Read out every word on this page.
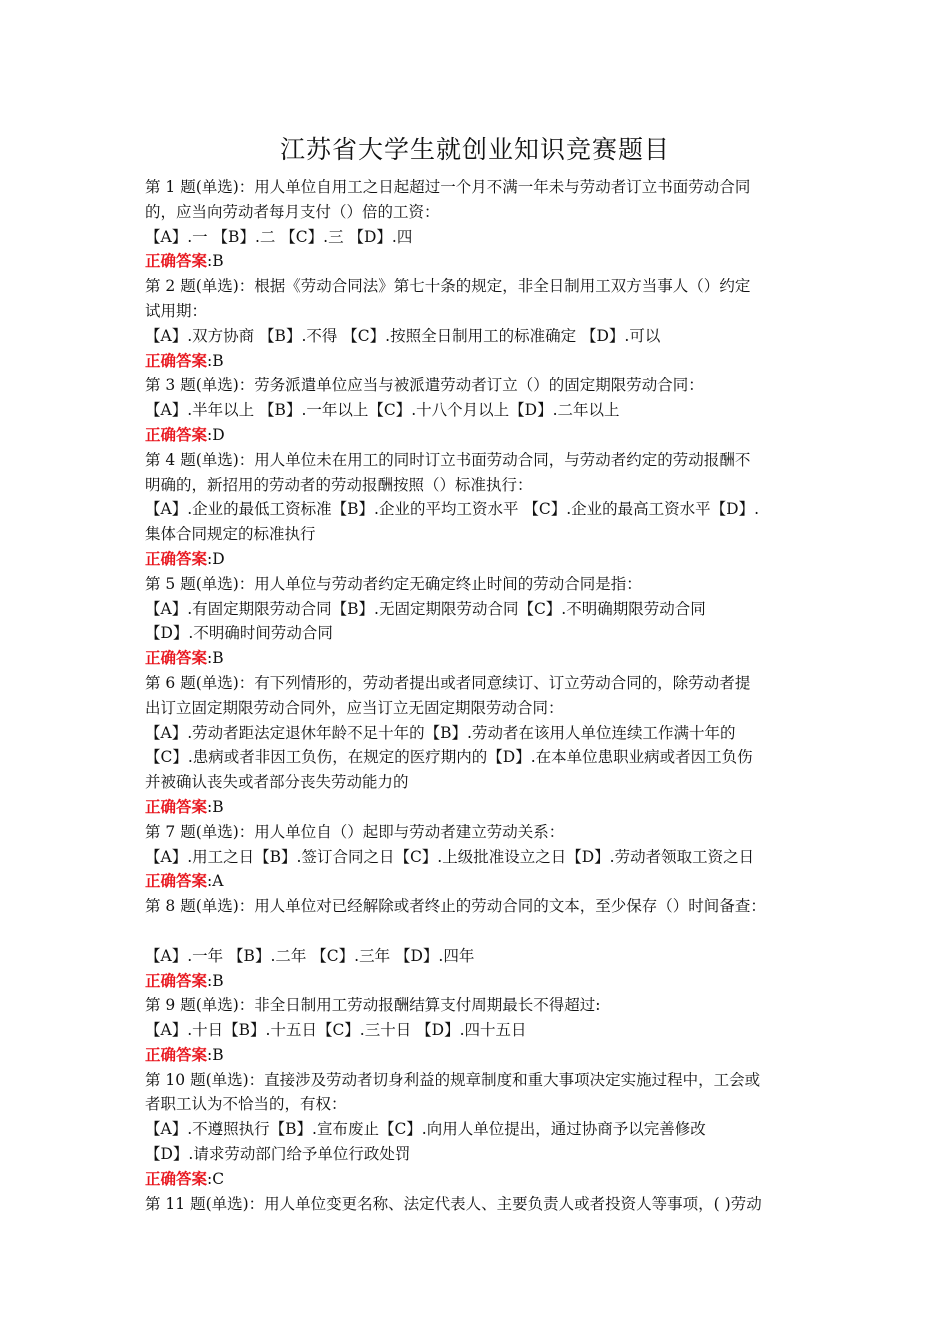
江苏省大学生就创业知识竞赛题目

第 1 题(单选)：用人单位自用工之日起超过一个月不满一年未与劳动者订立书面劳动合同

的，应当向劳动者每月支付（）倍的工资：

【A】.一 【B】.二 【C】.三 【D】.四

正确答案:B

第 2 题(单选)：根据《劳动合同法》第七十条的规定，非全日制用工双方当事人（）约定

试用期：

【A】.双方协商 【B】.不得 【C】.按照全日制用工的标准确定 【D】.可以

正确答案:B

第 3 题(单选)：劳务派遣单位应当与被派遣劳动者订立（）的固定期限劳动合同：

【A】.半年以上 【B】.一年以上【C】.十八个月以上【D】.二年以上

正确答案:D

第 4 题(单选)：用人单位未在用工的同时订立书面劳动合同，与劳动者约定的劳动报酬不

明确的，新招用的劳动者的劳动报酬按照（）标准执行：

【A】.企业的最低工资标准【B】.企业的平均工资水平 【C】.企业的最高工资水平【D】.

集体合同规定的标准执行

正确答案:D

第 5 题(单选)：用人单位与劳动者约定无确定终止时间的劳动合同是指：

【A】.有固定期限劳动合同【B】.无固定期限劳动合同【C】.不明确期限劳动合同

【D】.不明确时间劳动合同

正确答案:B

第 6 题(单选)：有下列情形的，劳动者提出或者同意续订、订立劳动合同的，除劳动者提

出订立固定期限劳动合同外，应当订立无固定期限劳动合同：

【A】.劳动者距法定退休年龄不足十年的【B】.劳动者在该用人单位连续工作满十年的

【C】.患病或者非因工负伤，在规定的医疗期内的【D】.在本单位患职业病或者因工负伤

并被确认丧失或者部分丧失劳动能力的

正确答案:B

第 7 题(单选)：用人单位自（）起即与劳动者建立劳动关系：

【A】.用工之日【B】.签订合同之日【C】.上级批准设立之日【D】.劳动者领取工资之日

正确答案:A

第 8 题(单选)：用人单位对已经解除或者终止的劳动合同的文本，至少保存（）时间备查：

【A】.一年 【B】.二年 【C】.三年 【D】.四年

正确答案:B

第 9 题(单选)：非全日制用工劳动报酬结算支付周期最长不得超过:

【A】.十日【B】.十五日【C】.三十日 【D】.四十五日

正确答案:B

第 10 题(单选)：直接涉及劳动者切身利益的规章制度和重大事项决定实施过程中，工会或

者职工认为不恰当的，有权：

【A】.不遵照执行【B】.宣布废止【C】.向用人单位提出，通过协商予以完善修改

【D】.请求劳动部门给予单位行政处罚

正确答案:C

第 11 题(单选)：用人单位变更名称、法定代表人、主要负责人或者投资人等事项，( )劳动
